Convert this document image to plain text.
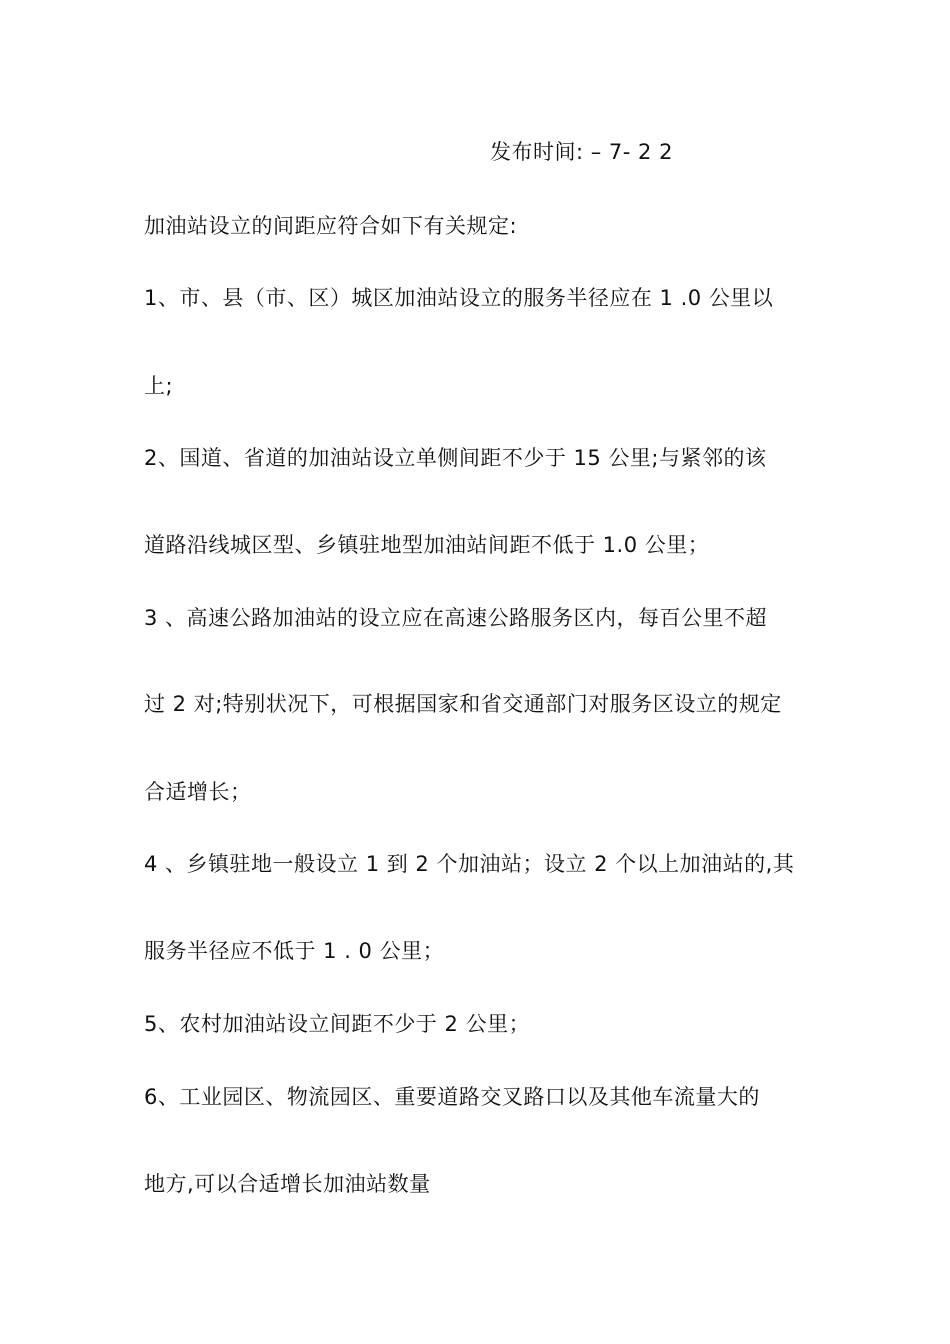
发布时间: – 7- 2 2
加油站设立的间距应符合如下有关规定:
1、市、县（市、区）城区加油站设立的服务半径应在 1 .0 公里以
上;
2、国道、省道的加油站设立单侧间距不少于 15 公里;与紧邻的该
道路沿线城区型、乡镇驻地型加油站间距不低于 1.0 公里；
3 、高速公路加油站的设立应在高速公路服务区内，每百公里不超
过 2 对;特别状况下，可根据国家和省交通部门对服务区设立的规定
合适增长；
4 、乡镇驻地一般设立 1 到 2 个加油站；设立 2 个以上加油站的,其
服务半径应不低于 1 . 0 公里；
5、农村加油站设立间距不少于 2 公里；
6、工业园区、物流园区、重要道路交叉路口以及其他车流量大的
地方,可以合适增长加油站数量
